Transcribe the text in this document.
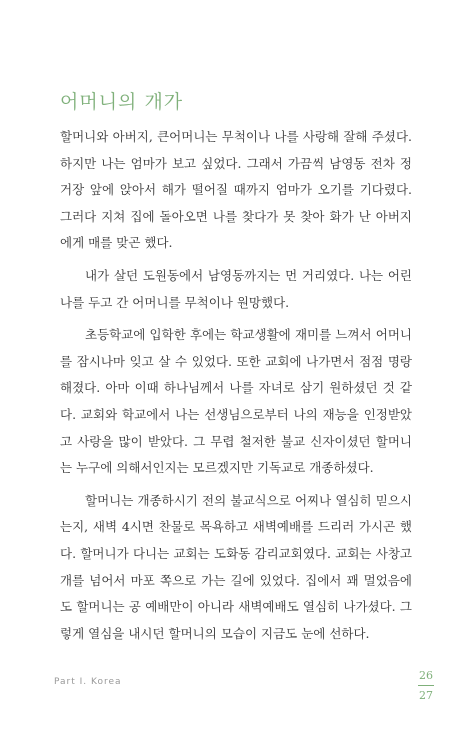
어머니의 개가

할머니와 아버지, 큰어머니는 무척이나 나를 사랑해 잘해 주셨다. 하지만 나는 엄마가 보고 싶었다. 그래서 가끔씩 남영동 전차 정거장 앞에 앉아서 해가 떨어질 때까지 엄마가 오기를 기다렸다. 그러다 지쳐 집에 돌아오면 나를 찾다가 못 찾아 화가 난 아버지에게 매를 맞곤 했다.

내가 살던 도원동에서 남영동까지는 먼 거리였다. 나는 어린 나를 두고 간 어머니를 무척이나 원망했다.

초등학교에 입학한 후에는 학교생활에 재미를 느껴서 어머니를 잠시나마 잊고 살 수 있었다. 또한 교회에 나가면서 점점 명랑해졌다. 아마 이때 하나님께서 나를 자녀로 삼기 원하셨던 것 같다. 교회와 학교에서 나는 선생님으로부터 나의 재능을 인정받았고 사랑을 많이 받았다. 그 무렵 철저한 불교 신자이셨던 할머니는 누구에 의해서인지는 모르겠지만 기독교로 개종하셨다.

할머니는 개종하시기 전의 불교식으로 어찌나 열심히 믿으시는지, 새벽 4시면 찬물로 목욕하고 새벽예배를 드리러 가시곤 했다. 할머니가 다니는 교회는 도화동 감리교회였다. 교회는 사창고개를 넘어서 마포 쪽으로 가는 길에 있었다. 집에서 꽤 멀었음에도 할머니는 공 예배만이 아니라 새벽예배도 열심히 나가셨다. 그렇게 열심을 내시던 할머니의 모습이 지금도 눈에 선하다.

Part I. Korea	26
27
